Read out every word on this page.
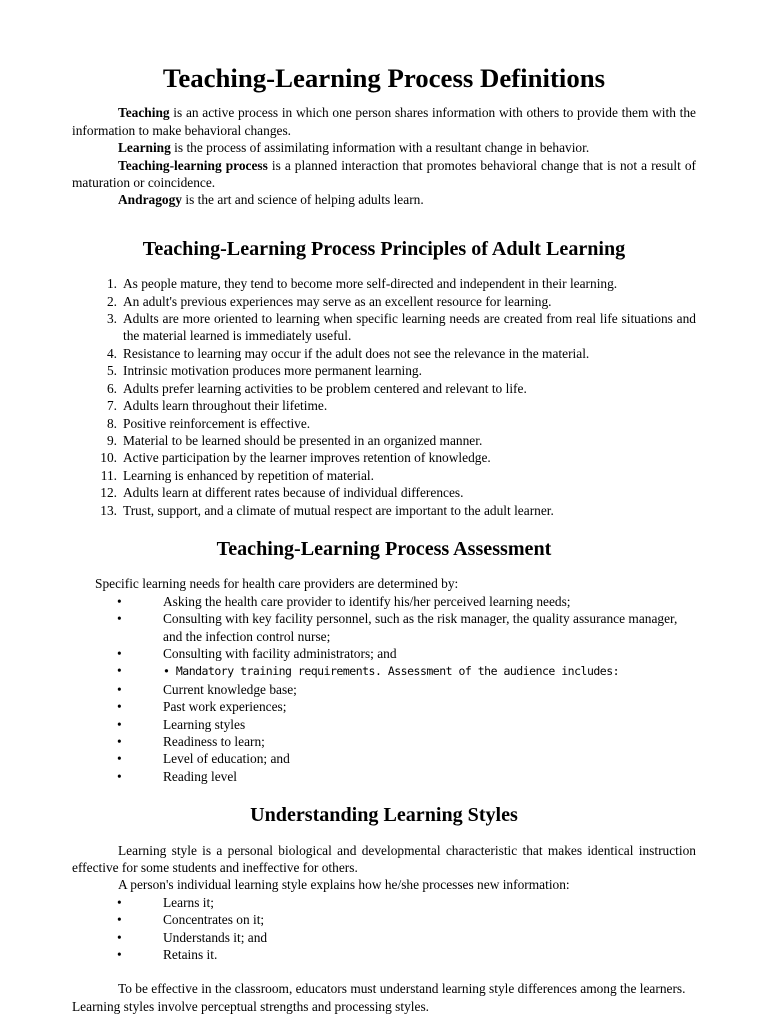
Teaching-Learning Process Definitions

Teaching is an active process in which one person shares information with others to provide them with the information to make behavioral changes.

Learning is the process of assimilating information with a resultant change in behavior.

Teaching-learning process is a planned interaction that promotes behavioral change that is not a result of maturation or coincidence.

Andragogy is the art and science of helping adults learn.

Teaching-Learning Process Principles of Adult Learning
1. As people mature, they tend to become more self-directed and independent in their learning.
2. An adult's previous experiences may serve as an excellent resource for learning.
3. Adults are more oriented to learning when specific learning needs are created from real life situations and the material learned is immediately useful.
4. Resistance to learning may occur if the adult does not see the relevance in the material.
5. Intrinsic motivation produces more permanent learning.
6. Adults prefer learning activities to be problem centered and relevant to life.
7. Adults learn throughout their lifetime.
8. Positive reinforcement is effective.
9. Material to be learned should be presented in an organized manner.
10. Active participation by the learner improves retention of knowledge.
11. Learning is enhanced by repetition of material.
12. Adults learn at different rates because of individual differences.
13. Trust, support, and a climate of mutual respect are important to the adult learner.
Teaching-Learning Process Assessment

Specific learning needs for health care providers are determined by:

•	Asking the health care provider to identify his/her perceived learning needs;
•	Consulting with key facility personnel, such as the risk manager, the quality assurance manager, and the infection control nurse;
•	Consulting with facility administrators; and
•	• Mandatory training requirements. Assessment of the audience includes:
•	Current knowledge base;
•	Past work experiences;
•	Learning styles
•	Readiness to learn;
•	Level of education; and
•	Reading level
Understanding Learning Styles

Learning style is a personal biological and developmental characteristic that makes identical instruction effective for some students and ineffective for others.

A person's individual learning style explains how he/she processes new information:

•	Learns it;
•	Concentrates on it;
•	Understands it; and
•	Retains it.

To be effective in the classroom, educators must understand learning style differences among the learners.

Learning styles involve perceptual strengths and processing styles.
